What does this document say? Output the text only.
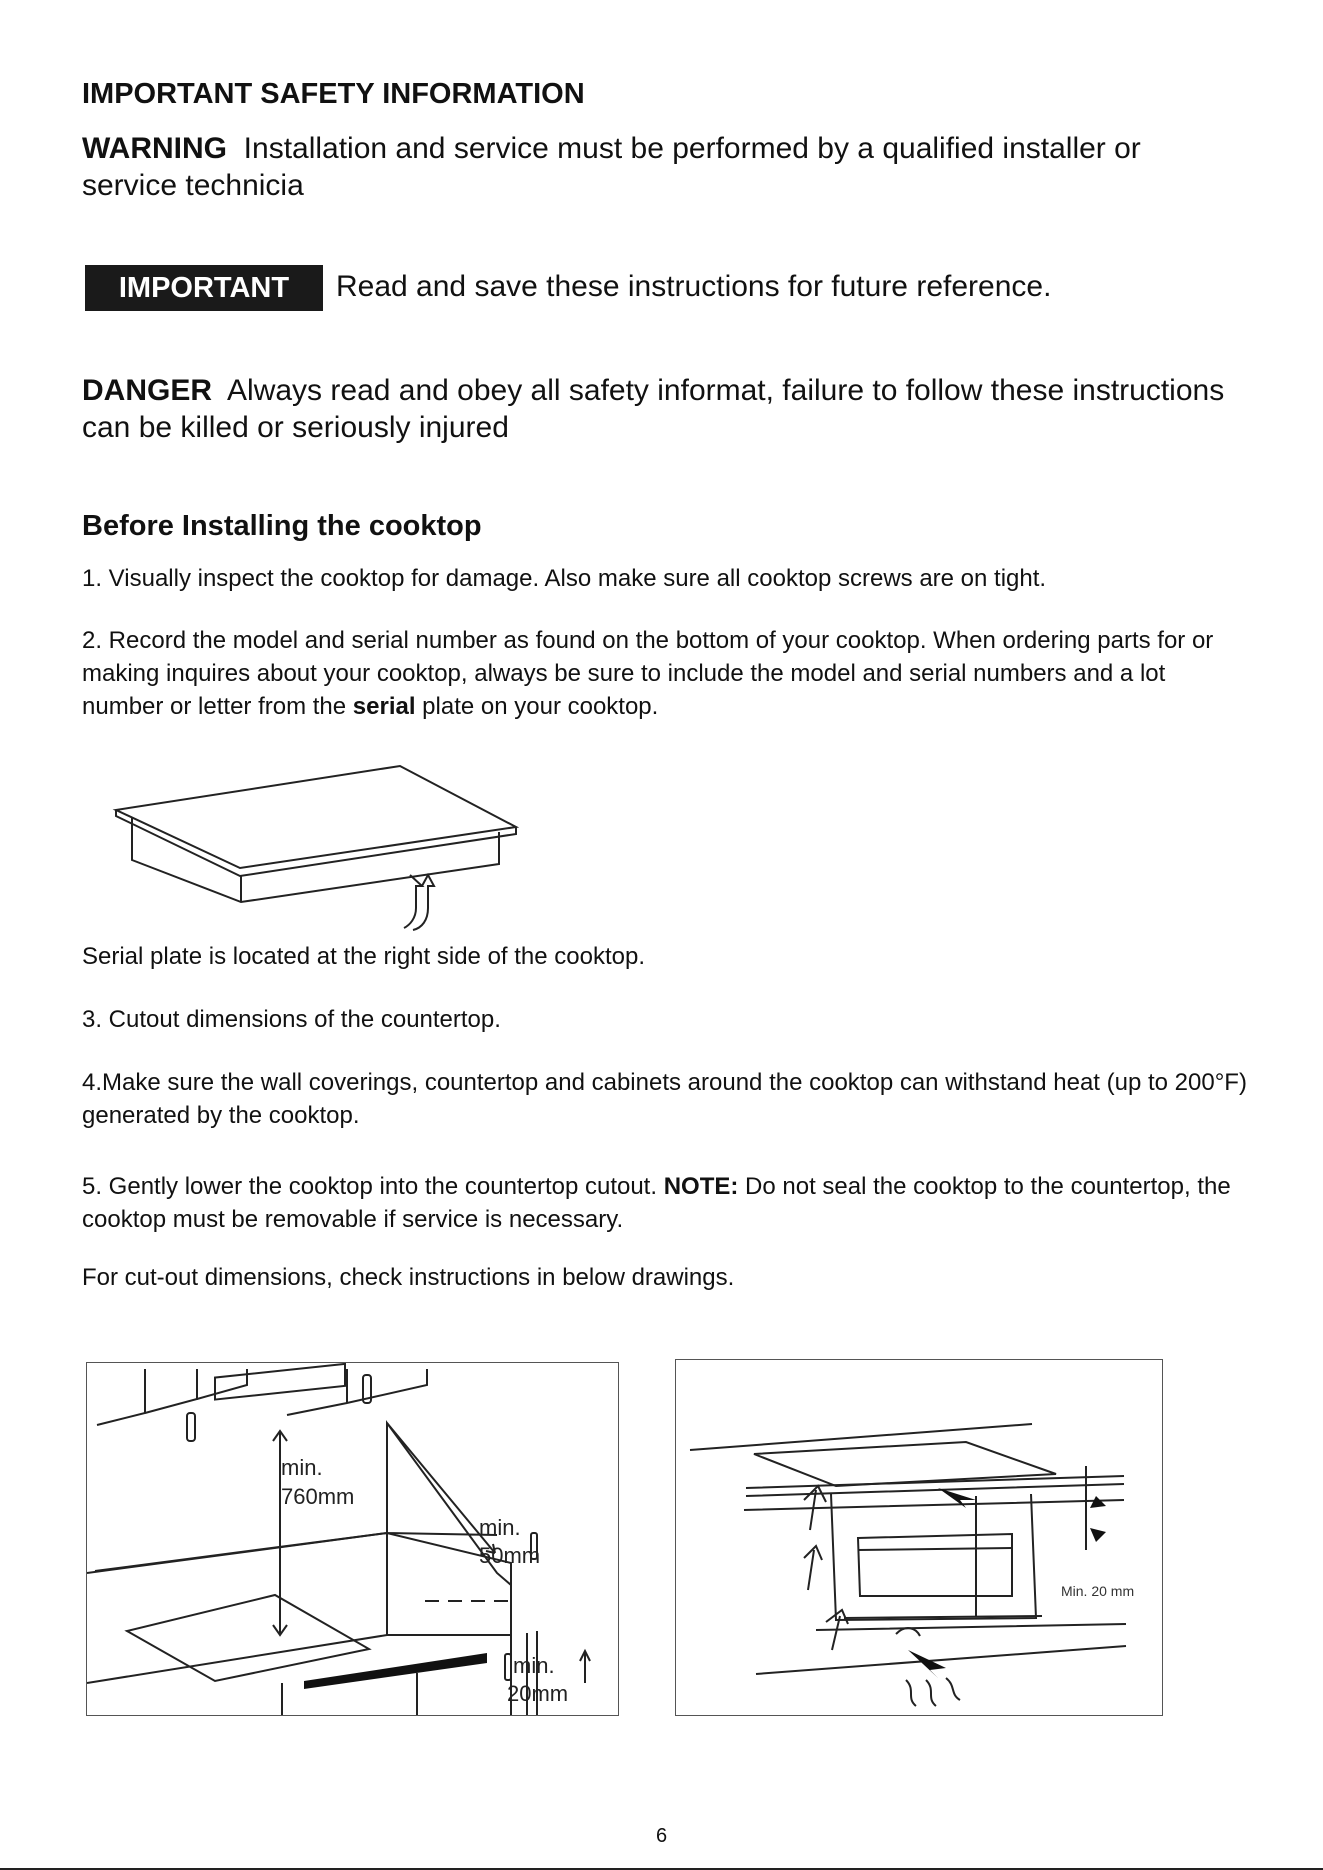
IMPORTANT SAFETY INFORMATION
WARNING Installation and service must be performed by a qualified installer or service technicia
IMPORTANT	Read and save these instructions for future reference.
DANGER Always read and obey all safety informat, failure to follow these instructions can be killed or seriously injured
Before Installing the cooktop
1. Visually inspect the cooktop for damage. Also make sure all cooktop screws are on tight.
2. Record the model and serial number as found on the bottom of your cooktop. When ordering parts for or making inquires about your cooktop, always be sure to include the model and serial numbers and a lot number or letter from the serial plate on your cooktop.
Serial plate is located at the right side of the cooktop.
3. Cutout dimensions of the countertop.
4.Make sure the wall coverings, countertop and cabinets around the cooktop can withstand heat (up to 200°F) generated by the cooktop.
5. Gently lower the cooktop into the countertop cutout. NOTE: Do not seal the cooktop to the countertop, the cooktop must be removable if service is necessary.
For cut-out dimensions, check instructions in below drawings.
min.
760mm
min.
50mm
min.
20mm
Min. 20 mm
6
